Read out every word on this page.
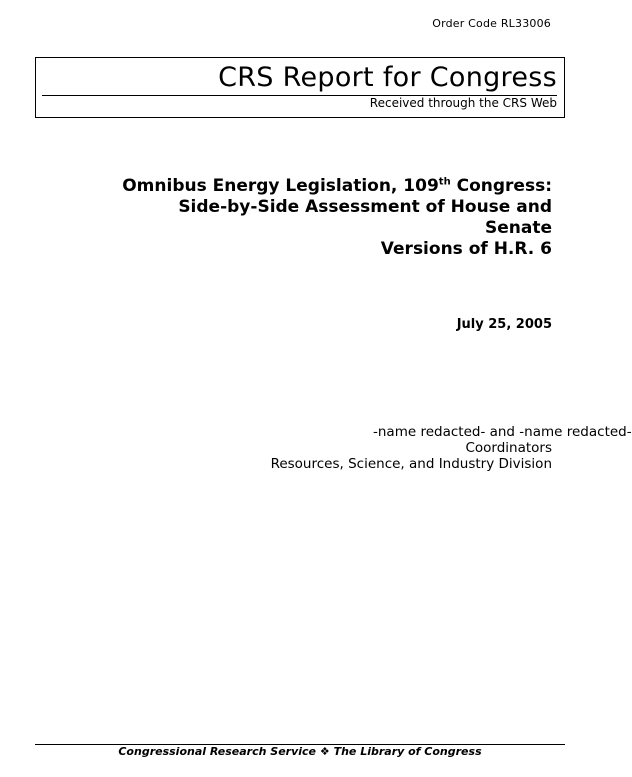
Order Code RL33006
CRS Report for Congress
Received through the CRS Web
Omnibus Energy Legislation, 109th Congress:
Side-by-Side Assessment of House and Senate
Versions of H.R. 6
July 25, 2005
-name redacted- and -name redacted-
Coordinators
Resources, Science, and Industry Division
Congressional Research Service ❖ The Library of Congress
